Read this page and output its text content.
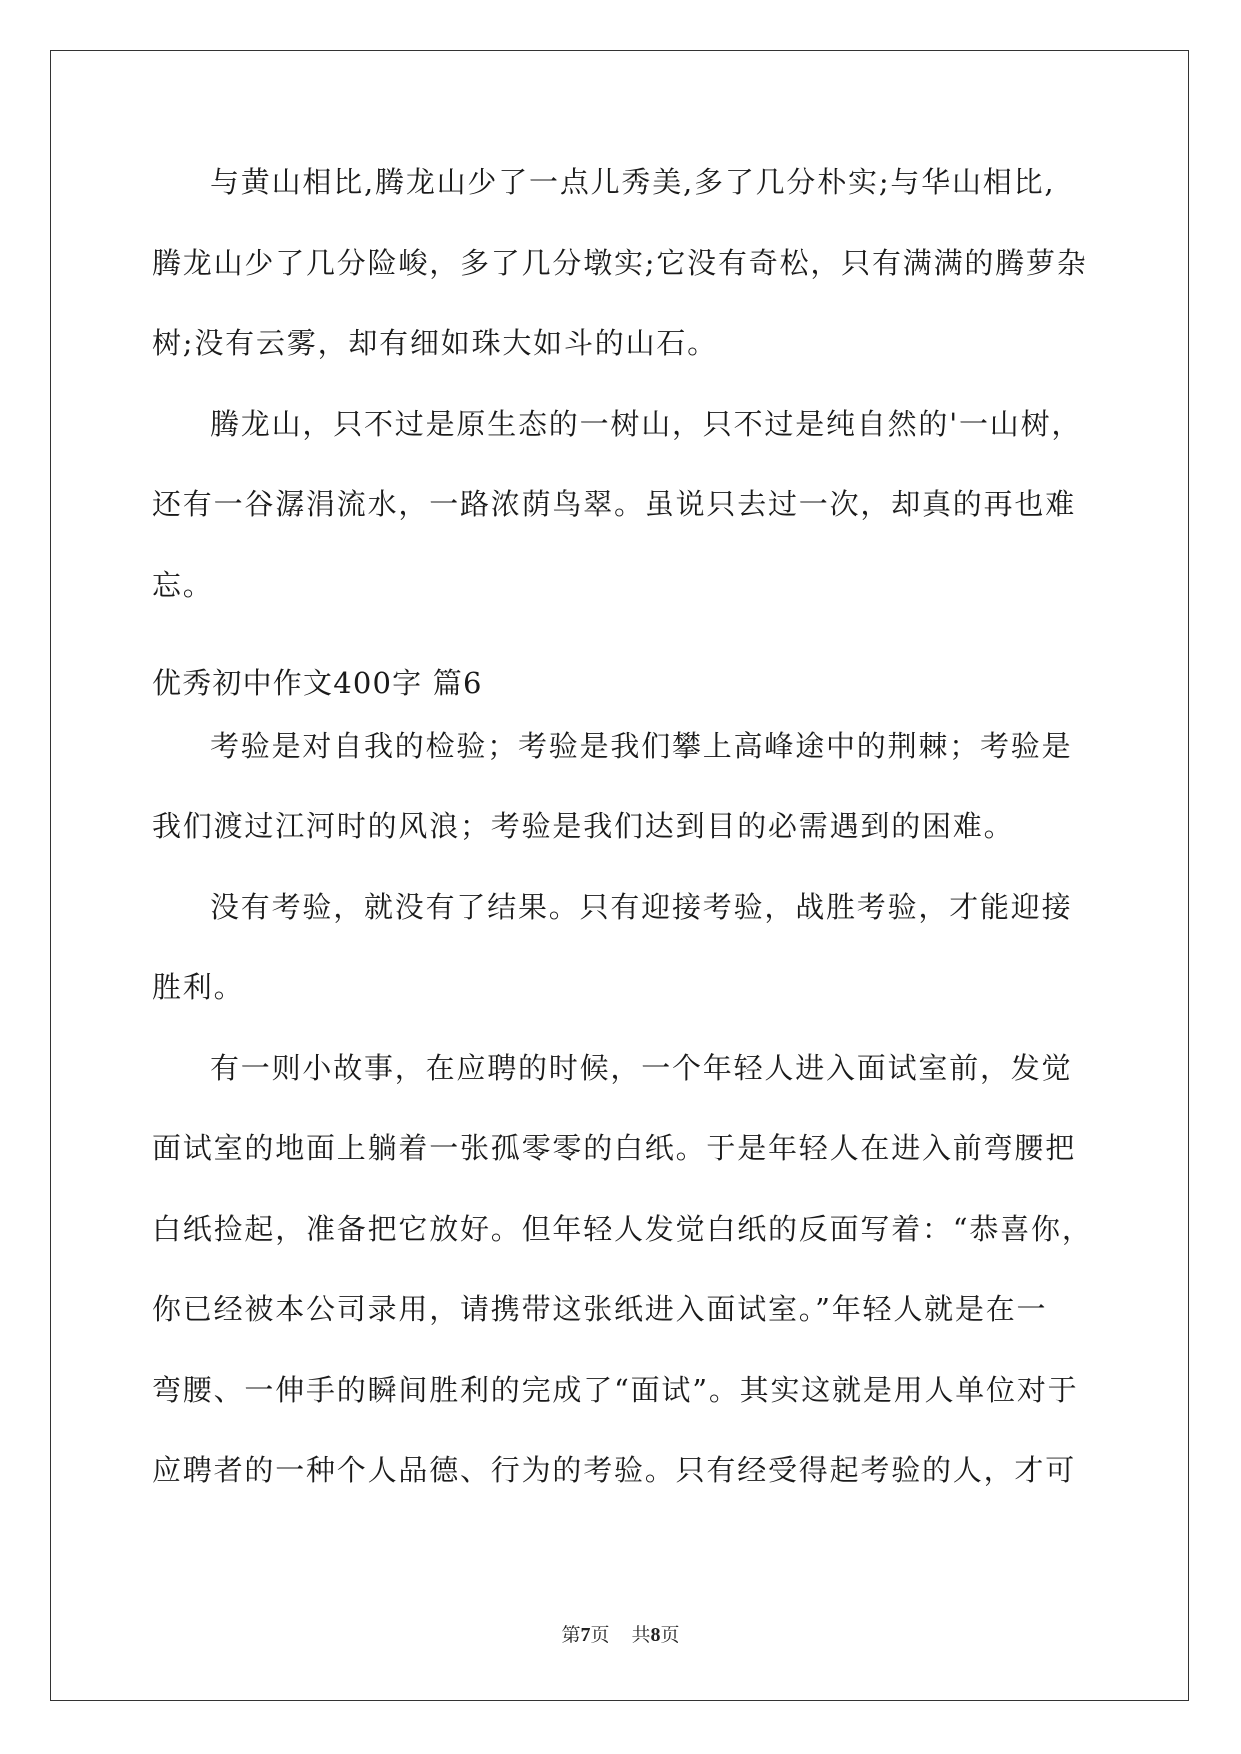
与黄山相比,腾龙山少了一点儿秀美,多了几分朴实;与华山相比,
腾龙山少了几分险峻，多了几分墩实;它没有奇松，只有满满的腾萝杂
树;没有云雾，却有细如珠大如斗的山石。
腾龙山，只不过是原生态的一树山，只不过是纯自然的'一山树，
还有一谷潺涓流水，一路浓荫鸟翠。虽说只去过一次，却真的再也难
忘。
优秀初中作文400字 篇6
考验是对自我的检验；考验是我们攀上高峰途中的荆棘；考验是
我们渡过江河时的风浪；考验是我们达到目的必需遇到的困难。
没有考验，就没有了结果。只有迎接考验，战胜考验，才能迎接
胜利。
有一则小故事，在应聘的时候，一个年轻人进入面试室前，发觉
面试室的地面上躺着一张孤零零的白纸。于是年轻人在进入前弯腰把
白纸捡起，准备把它放好。但年轻人发觉白纸的反面写着：“恭喜你，
你已经被本公司录用，请携带这张纸进入面试室。”年轻人就是在一
弯腰、一伸手的瞬间胜利的完成了“面试”。其实这就是用人单位对于
应聘者的一种个人品德、行为的考验。只有经受得起考验的人，才可
第7页 共8页
